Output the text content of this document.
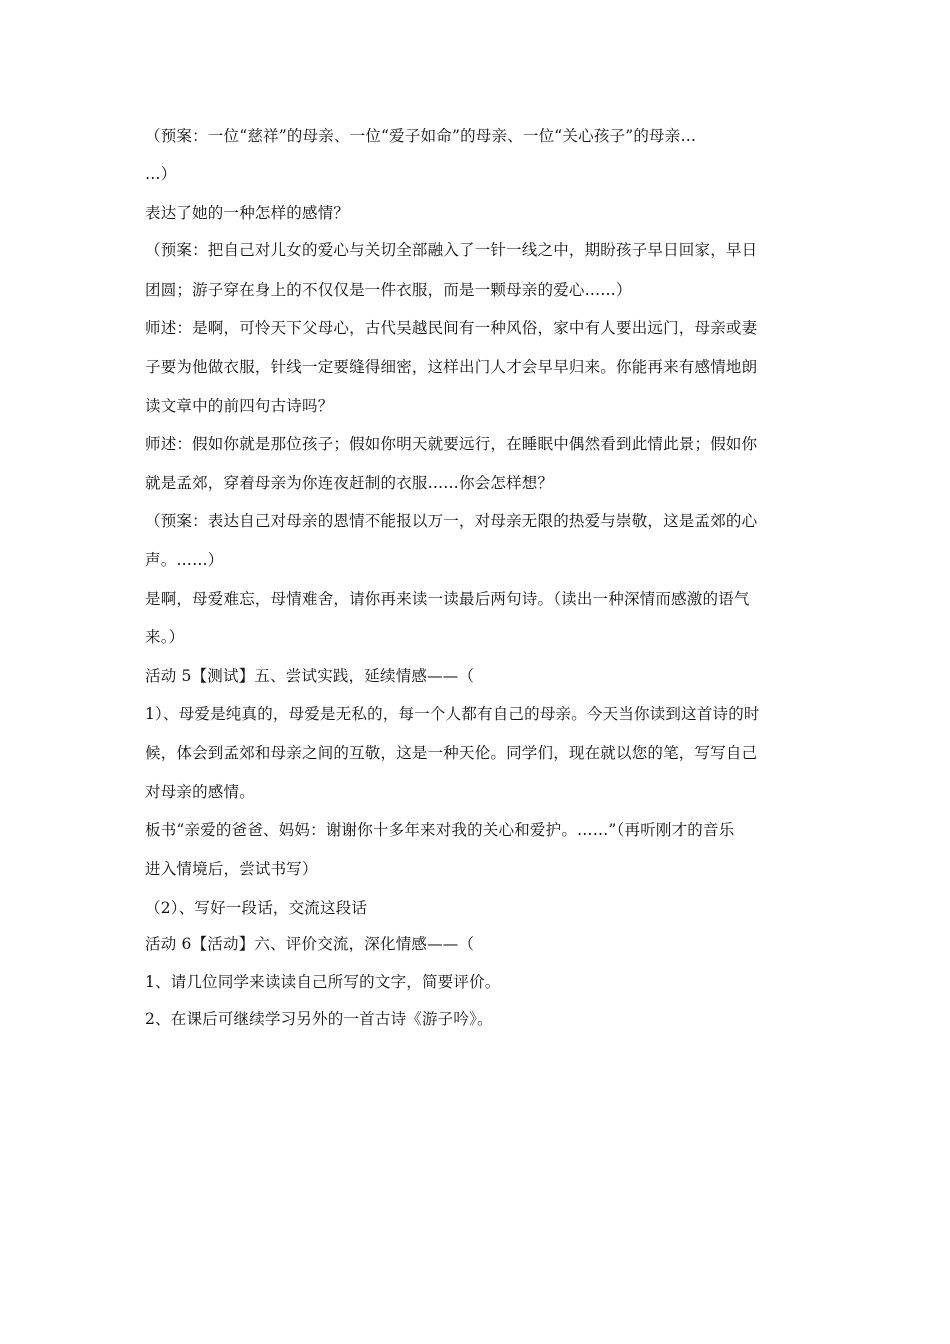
（预案：一位“慈祥”的母亲、一位“爱子如命”的母亲、一位“关心孩子”的母亲…
…）
表达了她的一种怎样的感情？
（预案：把自己对儿女的爱心与关切全部融入了一针一线之中，期盼孩子早日回家，早日
团圆；游子穿在身上的不仅仅是一件衣服，而是一颗母亲的爱心……）
师述：是啊，可怜天下父母心，古代吴越民间有一种风俗，家中有人要出远门，母亲或妻
子要为他做衣服，针线一定要缝得细密，这样出门人才会早早归来。你能再来有感情地朗
读文章中的前四句古诗吗？
师述：假如你就是那位孩子；假如你明天就要远行，在睡眠中偶然看到此情此景；假如你
就是孟郊，穿着母亲为你连夜赶制的衣服……你会怎样想？
（预案：表达自己对母亲的恩情不能报以万一，对母亲无限的热爱与崇敬，这是孟郊的心
声。……）
是啊，母爱难忘，母情难舍，请你再来读一读最后两句诗。（读出一种深情而感激的语气
来。）
活动 5【测试】五、尝试实践，延续情感——（
1）、母爱是纯真的，母爱是无私的，每一个人都有自己的母亲。今天当你读到这首诗的时
候，体会到孟郊和母亲之间的互敬，这是一种天伦。同学们，现在就以您的笔，写写自己
对母亲的感情。
板书“亲爱的爸爸、妈妈：谢谢你十多年来对我的关心和爱护。……”（再听刚才的音乐
进入情境后，尝试书写）
（2）、写好一段话，交流这段话
活动 6【活动】六、评价交流，深化情感——（
1、请几位同学来读读自己所写的文字，简要评价。
2、在课后可继续学习另外的一首古诗《游子吟》。
